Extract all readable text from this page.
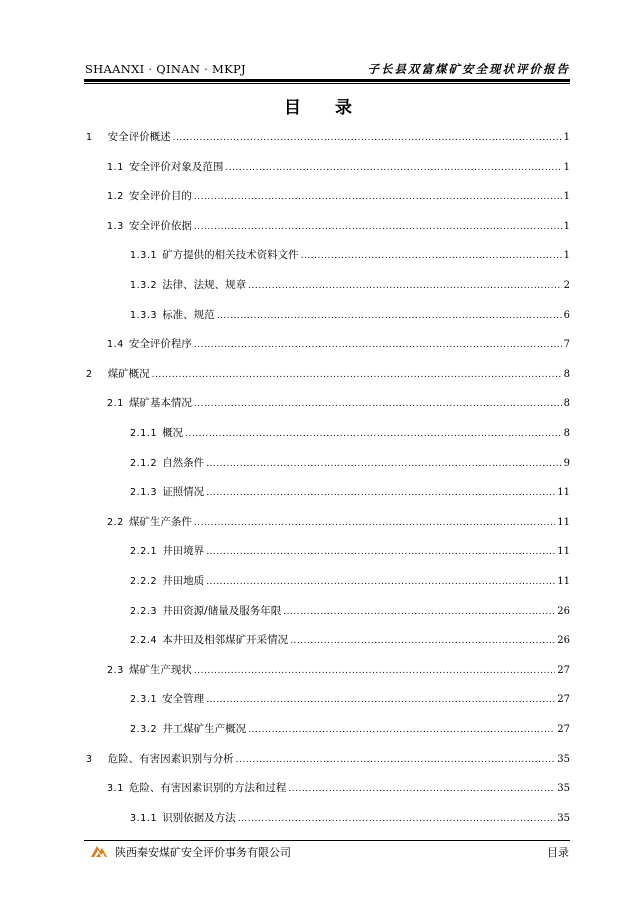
SHAANXI · QINAN · MKPJ	子长县双富煤矿安全现状评价报告
目 录
1 安全评价概述 .....	1
1.1 安全评价对象及范围 .....	1
1.2 安全评价目的 .....	1
1.3 安全评价依据 .....	1
1.3.1 矿方提供的相关技术资料文件 .....	1
1.3.2 法律、法规、规章 .....	2
1.3.3 标准、规范 .....	6
1.4 安全评价程序 .....	7
2 煤矿概况 .....	8
2.1 煤矿基本情况 .....	8
2.1.1 概况 .....	8
2.1.2 自然条件 .....	9
2.1.3 证照情况 .....	11
2.2 煤矿生产条件 .....	11
2.2.1 井田境界 .....	11
2.2.2 井田地质 .....	11
2.2.3 井田资源/储量及服务年限 .....	26
2.2.4 本井田及相邻煤矿开采情况 .....	26
2.3 煤矿生产现状 .....	27
2.3.1 安全管理 .....	27
2.3.2 井工煤矿生产概况 .....	27
3 危险、有害因素识别与分析 .....	35
3.1 危险、有害因素识别的方法和过程 .....	35
3.1.1 识别依据及方法 .....	35
陕西秦安煤矿安全评价事务有限公司	目录
